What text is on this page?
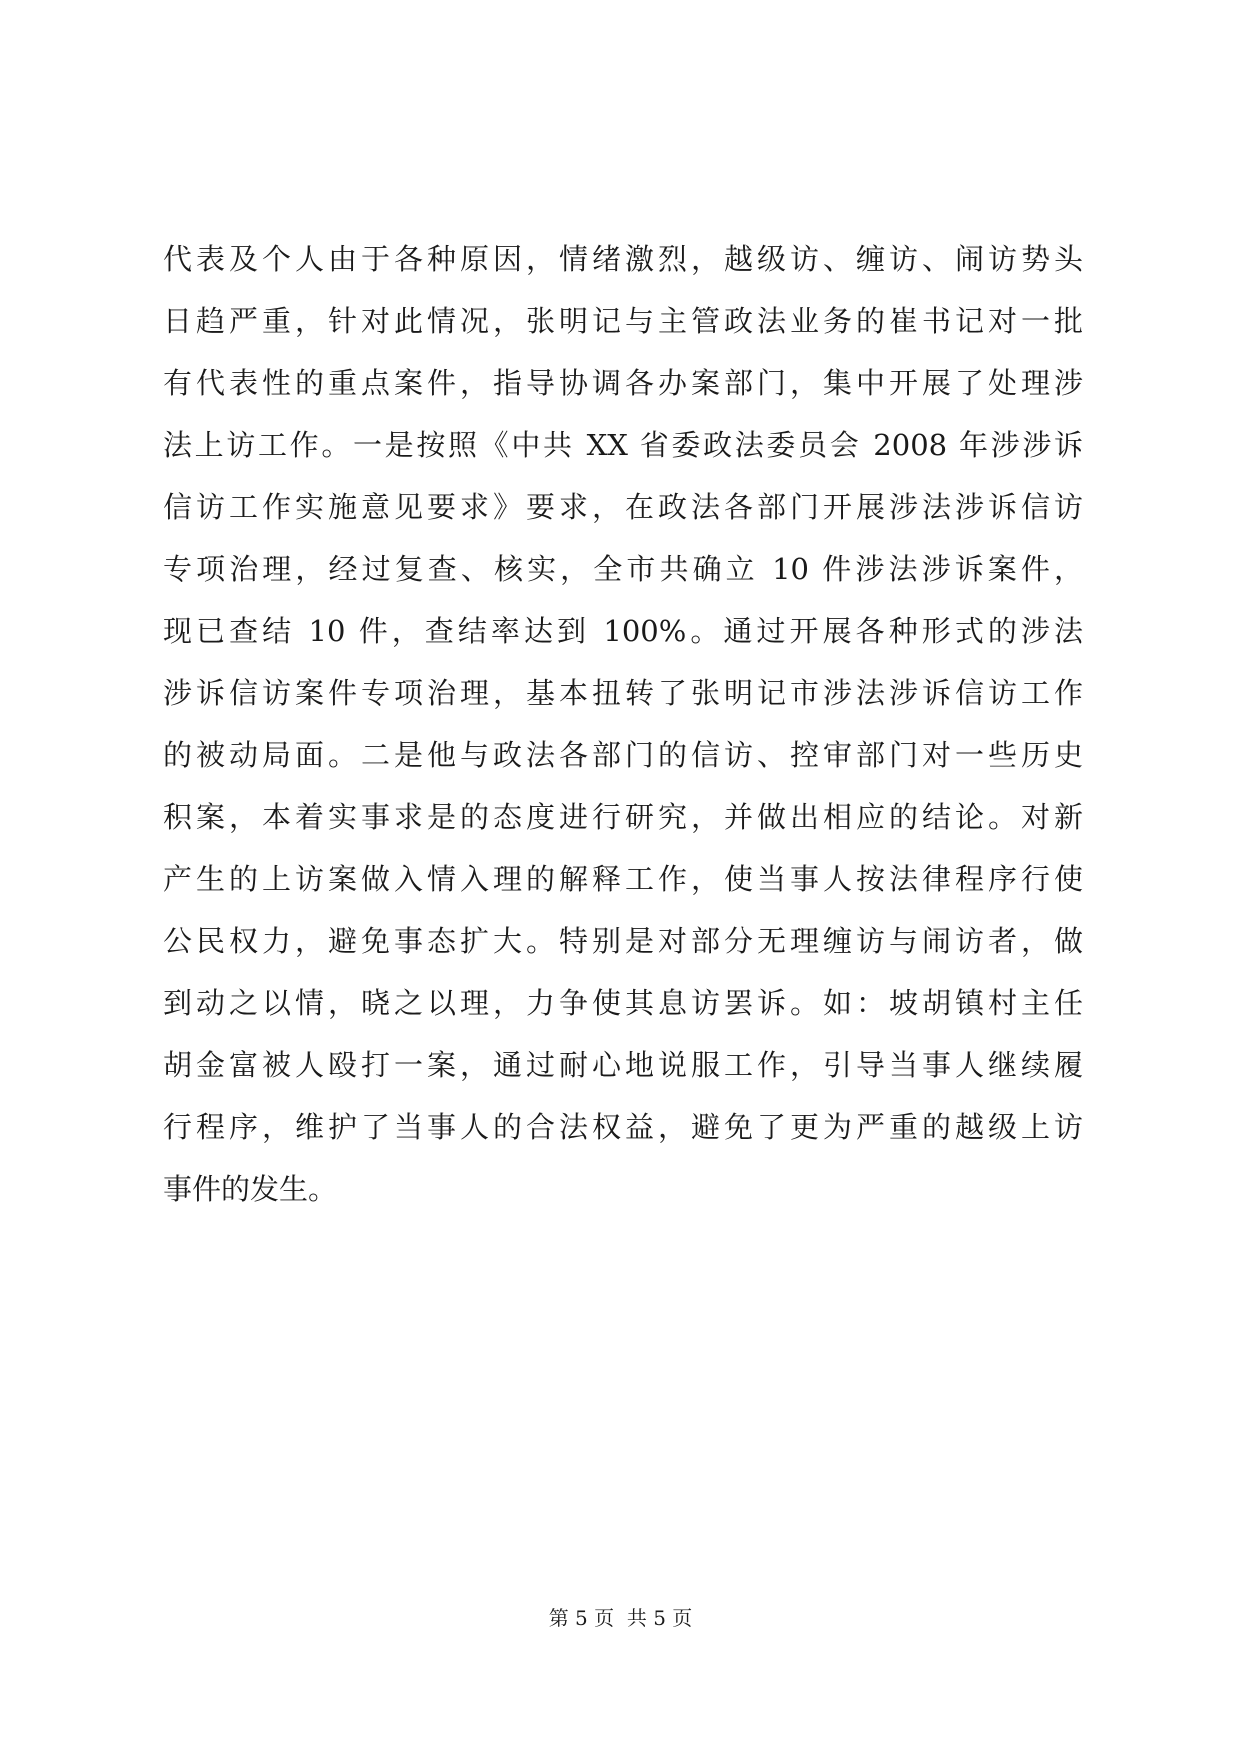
代表及个人由于各种原因，情绪激烈，越级访、缠访、闹访势头
日趋严重，针对此情况，张明记与主管政法业务的崔书记对一批
有代表性的重点案件，指导协调各办案部门，集中开展了处理涉
法上访工作。一是按照《中共 XX 省委政法委员会 2008 年涉涉诉
信访工作实施意见要求》要求，在政法各部门开展涉法涉诉信访
专项治理，经过复查、核实，全市共确立 10 件涉法涉诉案件，
现已查结 10 件，查结率达到 100%。通过开展各种形式的涉法
涉诉信访案件专项治理，基本扭转了张明记市涉法涉诉信访工作
的被动局面。二是他与政法各部门的信访、控审部门对一些历史
积案，本着实事求是的态度进行研究，并做出相应的结论。对新
产生的上访案做入情入理的解释工作，使当事人按法律程序行使
公民权力，避免事态扩大。特别是对部分无理缠访与闹访者，做
到动之以情，晓之以理，力争使其息访罢诉。如：坡胡镇村主任
胡金富被人殴打一案，通过耐心地说服工作，引导当事人继续履
行程序，维护了当事人的合法权益，避免了更为严重的越级上访
事件的发生。
第 5 页  共 5 页
